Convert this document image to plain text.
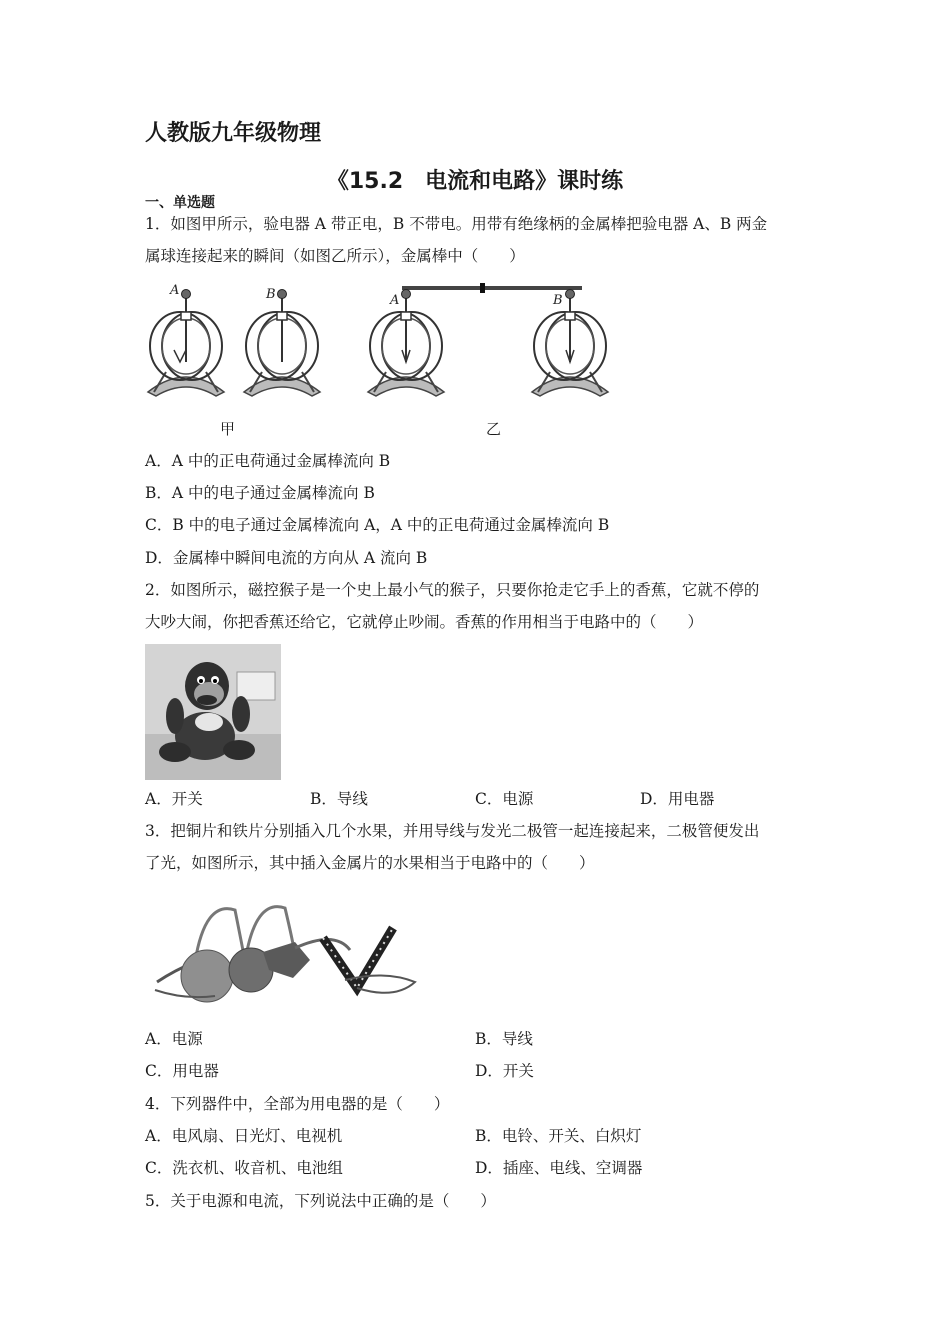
人教版九年级物理
《15.2　电流和电路》课时练
一、单选题
1．如图甲所示，验电器 A 带正电，B 不带电。用带有绝缘柄的金属棒把验电器 A、B 两金
属球连接起来的瞬间（如图乙所示），金属棒中（　　）
A	B	A	B
甲	乙
A．A 中的正电荷通过金属棒流向 B
B．A 中的电子通过金属棒流向 B
C．B 中的电子通过金属棒流向 A，A 中的正电荷通过金属棒流向 B
D．金属棒中瞬间电流的方向从 A 流向 B
2．如图所示，磁控猴子是一个史上最小气的猴子，只要你抢走它手上的香蕉，它就不停的
大吵大闹，你把香蕉还给它，它就停止吵闹。香蕉的作用相当于电路中的（　　）
A．开关	B．导线	C．电源	D．用电器
3．把铜片和铁片分别插入几个水果，并用导线与发光二极管一起连接起来，二极管便发出
了光，如图所示，其中插入金属片的水果相当于电路中的（　　）
A．电源	B．导线
C．用电器	D．开关
4．下列器件中，全部为用电器的是（　　）
A．电风扇、日光灯、电视机	B．电铃、开关、白炽灯
C．洗衣机、收音机、电池组	D．插座、电线、空调器
5．关于电源和电流，下列说法中正确的是（　　）
